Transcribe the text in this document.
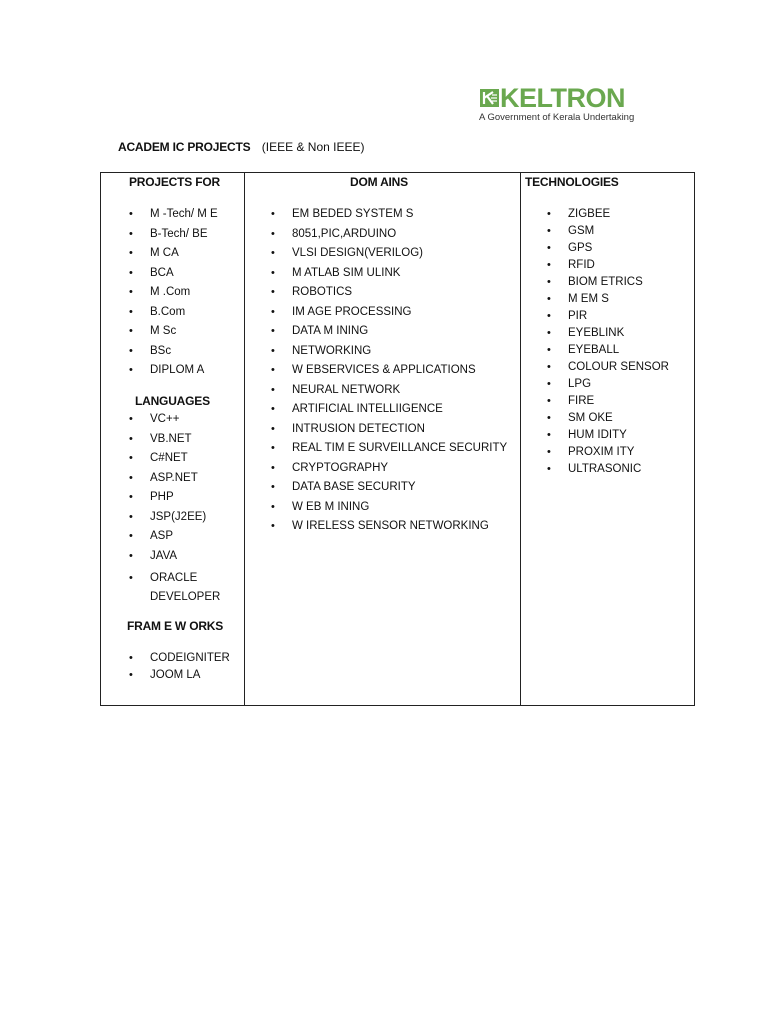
KELTRON
A Government of Kerala Undertaking
ACADEM IC PROJECTS (IEEE & Non IEEE)
PROJECTS FOR
• M -Tech/ M E
• B-Tech/ BE
• M CA
• BCA
• M .Com
• B.Com
• M Sc
• BSc
• DIPLOM A
LANGUAGES
• VC++
• VB.NET
• C#NET
• ASP.NET
• PHP
• JSP(J2EE)
• ASP
• JAVA
• ORACLE DEVELOPER
FRAM E W ORKS
• CODEIGNITER
• JOOM LA
DOM AINS
• EM BEDED SYSTEM S
• 8051,PIC,ARDUINO
• VLSI DESIGN(VERILOG)
• M ATLAB SIM ULINK
• ROBOTICS
• IM AGE PROCESSING
• DATA M INING
• NETWORKING
• W EBSERVICES & APPLICATIONS
• NEURAL NETWORK
• ARTIFICIAL INTELLIIGENCE
• INTRUSION DETECTION
• REAL TIM E SURVEILLANCE SECURITY
• CRYPTOGRAPHY
• DATA BASE SECURITY
• W EB M INING
• W IRELESS SENSOR NETWORKING
TECHNOLOGIES
• ZIGBEE
• GSM
• GPS
• RFID
• BIOM ETRICS
• M EM S
• PIR
• EYEBLINK
• EYEBALL
• COLOUR SENSOR
• LPG
• FIRE
• SM OKE
• HUM IDITY
• PROXIM ITY
• ULTRASONIC
